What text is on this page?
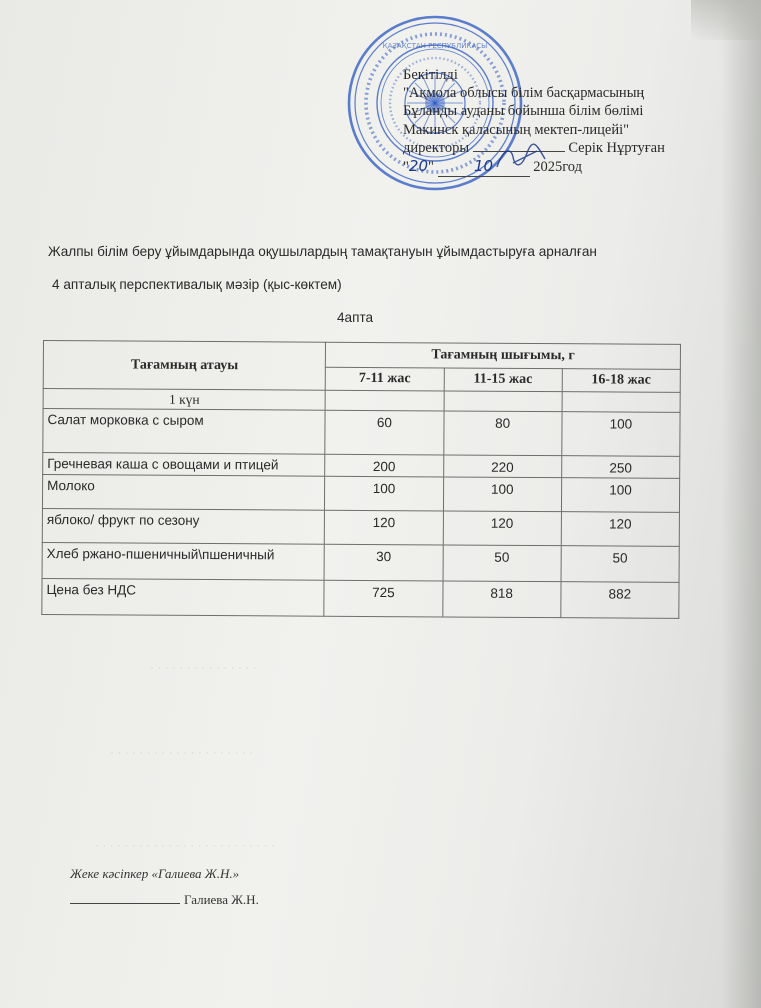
· · · · · · · · · · · · · · ·
· · · · · · · · · · · · · · · · · · · ·
· · · · · · · · · · · · · · · · · · · · · · · · ·
ҚАЗАҚСТАН РЕСПУБЛИКАСЫ
Бекітілді
"Ақмола облысы білім басқармасының
Бұланды ауданы бойынша білім бөлімі
Макинск қаласының мектеп-лицейі"
директоры	Серік Нұртуған
"20"	10	2025год
Жалпы білім беру ұйымдарында оқушылардың тамақтануын ұйымдастыруға арналған
4 апталық перспективалық мәзір (қыс-көктем)
4апта
Тағамның атауы	Тағамның шығымы, г		
	7-11 жас	11-15 жас	16-18 жас
1 күн			
Салат морковка с сыром	60	80	100
Гречневая каша с овощами и птицей	200	220	250
Молоко	100	100	100
яблоко/ фрукт по сезону	120	120	120
Хлеб ржано-пшеничный\пшеничный	30	50	50
Цена без НДС	725	818	882
Жеке кәсіпкер «Галиева Ж.Н.»
Галиева Ж.Н.
